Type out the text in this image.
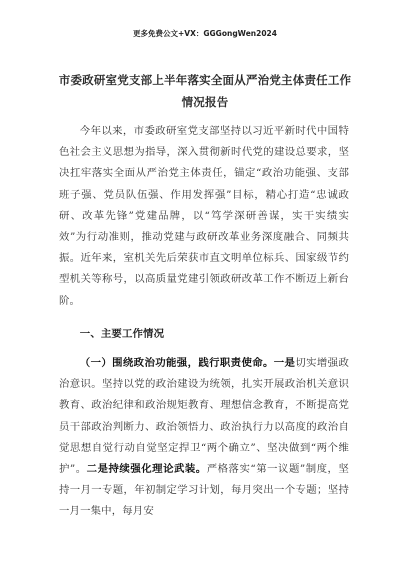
更多免费公文+VX：GGGongWen2024
市委政研室党支部上半年落实全面从严治党主体责任工作
情况报告

今年以来，市委政研室党支部坚持以习近平新时代中国特色社会主义思想为指导，深入贯彻新时代党的建设总要求，坚决扛牢落实全面从严治党主体责任，锚定“政治功能强、支部班子强、党员队伍强、作用发挥强”目标，精心打造“忠诚政研、改革先锋”党建品牌，以“笃学深研善谋，实干实绩实效”为行动准则，推动党建与政研改革业务深度融合、同频共振。近年来，室机关先后荣获市直文明单位标兵、国家级节约型机关等称号，以高质量党建引领政研改革工作不断迈上新台阶。

一、主要工作情况

（一）围绕政治功能强，践行职责使命。一是切实增强政治意识。坚持以党的政治建设为统领，扎实开展政治机关意识教育、政治纪律和政治规矩教育、理想信念教育，不断提高党员干部政治判断力、政治领悟力、政治执行力以高度的政治自觉思想自觉行动自觉坚定捍卫“两个确立”、坚决做到“两个维护”。二是持续强化理论武装。严格落实“第一议题”制度，坚持一月一专题，年初制定学习计划，每月突出一个专题；坚持一月一集中，每月安
